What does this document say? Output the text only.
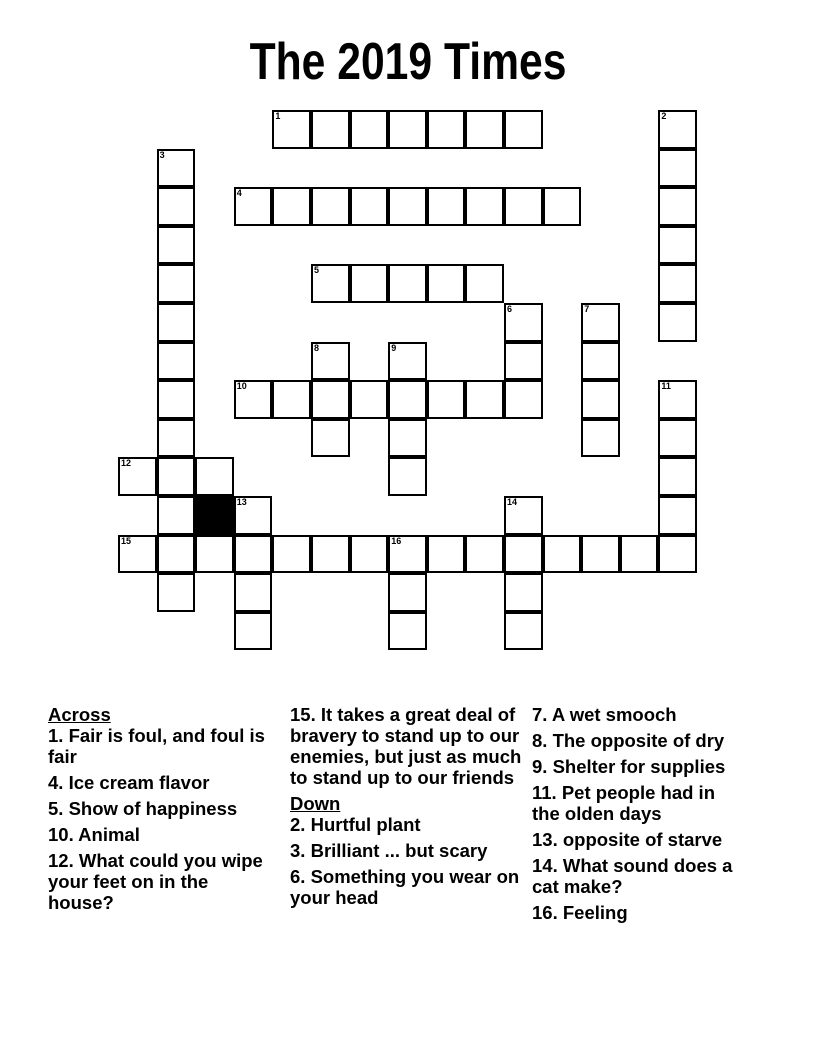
The 2019 Times
1	2
3
4
5
6	7
8	9
10	11
12
13	14
15	16
Across
1. Fair is foul, and foul is fair
4. Ice cream flavor
5. Show of happiness
10. Animal
12. What could you wipe your feet on in the house?
15. It takes a great deal of bravery to stand up to our enemies, but just as much to stand up to our friends
Down
2. Hurtful plant
3. Brilliant ... but scary
6. Something you wear on your head
7. A wet smooch
8. The opposite of dry
9. Shelter for supplies
11. Pet people had in the olden days
13. opposite of starve
14. What sound does a cat make?
16. Feeling
